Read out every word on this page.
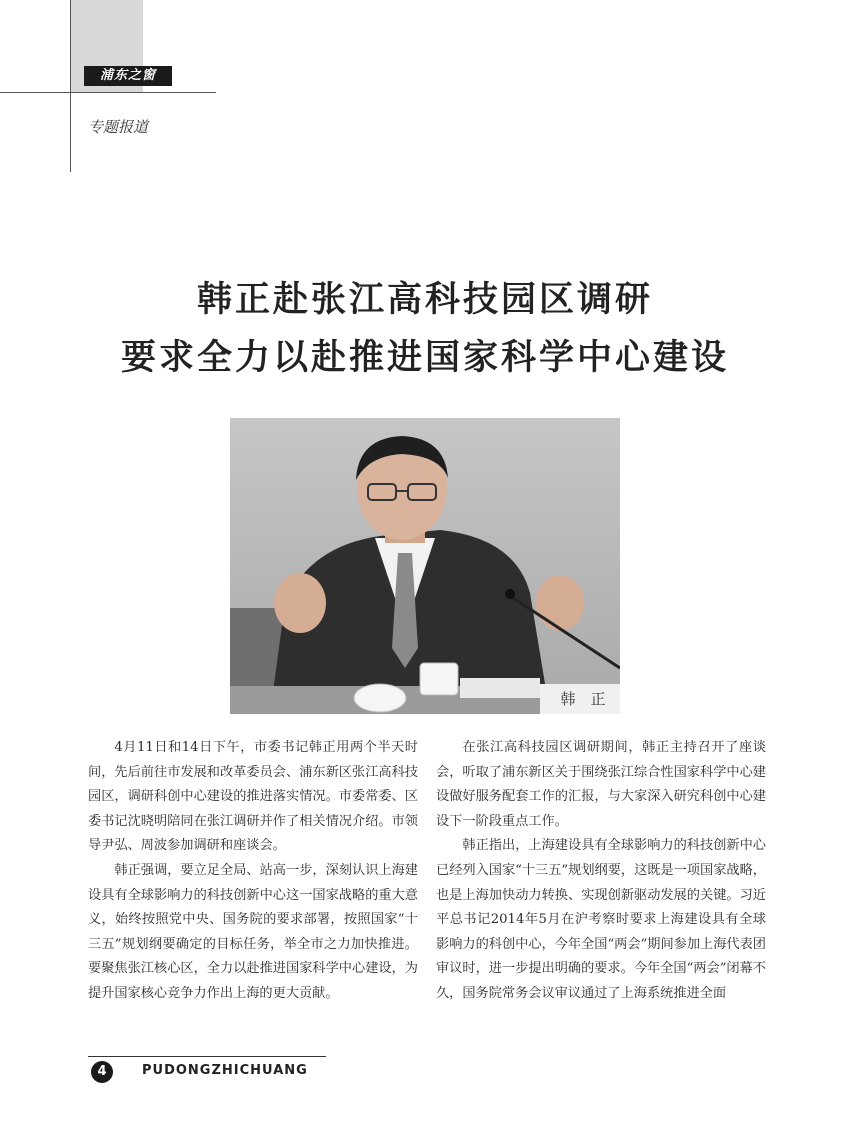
浦东之窗
专题报道
韩正赴张江高科技园区调研
要求全力以赴推进国家科学中心建设
韩　正

4月11日和14日下午，市委书记韩正用两个半天时间，先后前往市发展和改革委员会、浦东新区张江高科技园区，调研科创中心建设的推进落实情况。市委常委、区委书记沈晓明陪同在张江调研并作了相关情况介绍。市领导尹弘、周波参加调研和座谈会。

韩正强调，要立足全局、站高一步，深刻认识上海建设具有全球影响力的科技创新中心这一国家战略的重大意义，始终按照党中央、国务院的要求部署，按照国家“十三五”规划纲要确定的目标任务，举全市之力加快推进。要聚焦张江核心区，全力以赴推进国家科学中心建设，为提升国家核心竞争力作出上海的更大贡献。

在张江高科技园区调研期间，韩正主持召开了座谈会，听取了浦东新区关于围绕张江综合性国家科学中心建设做好服务配套工作的汇报，与大家深入研究科创中心建设下一阶段重点工作。

韩正指出，上海建设具有全球影响力的科技创新中心已经列入国家“十三五”规划纲要，这既是一项国家战略，也是上海加快动力转换、实现创新驱动发展的关键。习近平总书记2014年5月在沪考察时要求上海建设具有全球影响力的科创中心，今年全国“两会”期间参加上海代表团审议时，进一步提出明确的要求。今年全国“两会”闭幕不久，国务院常务会议审议通过了上海系统推进全面

4	PUDONGZHICHUANG
